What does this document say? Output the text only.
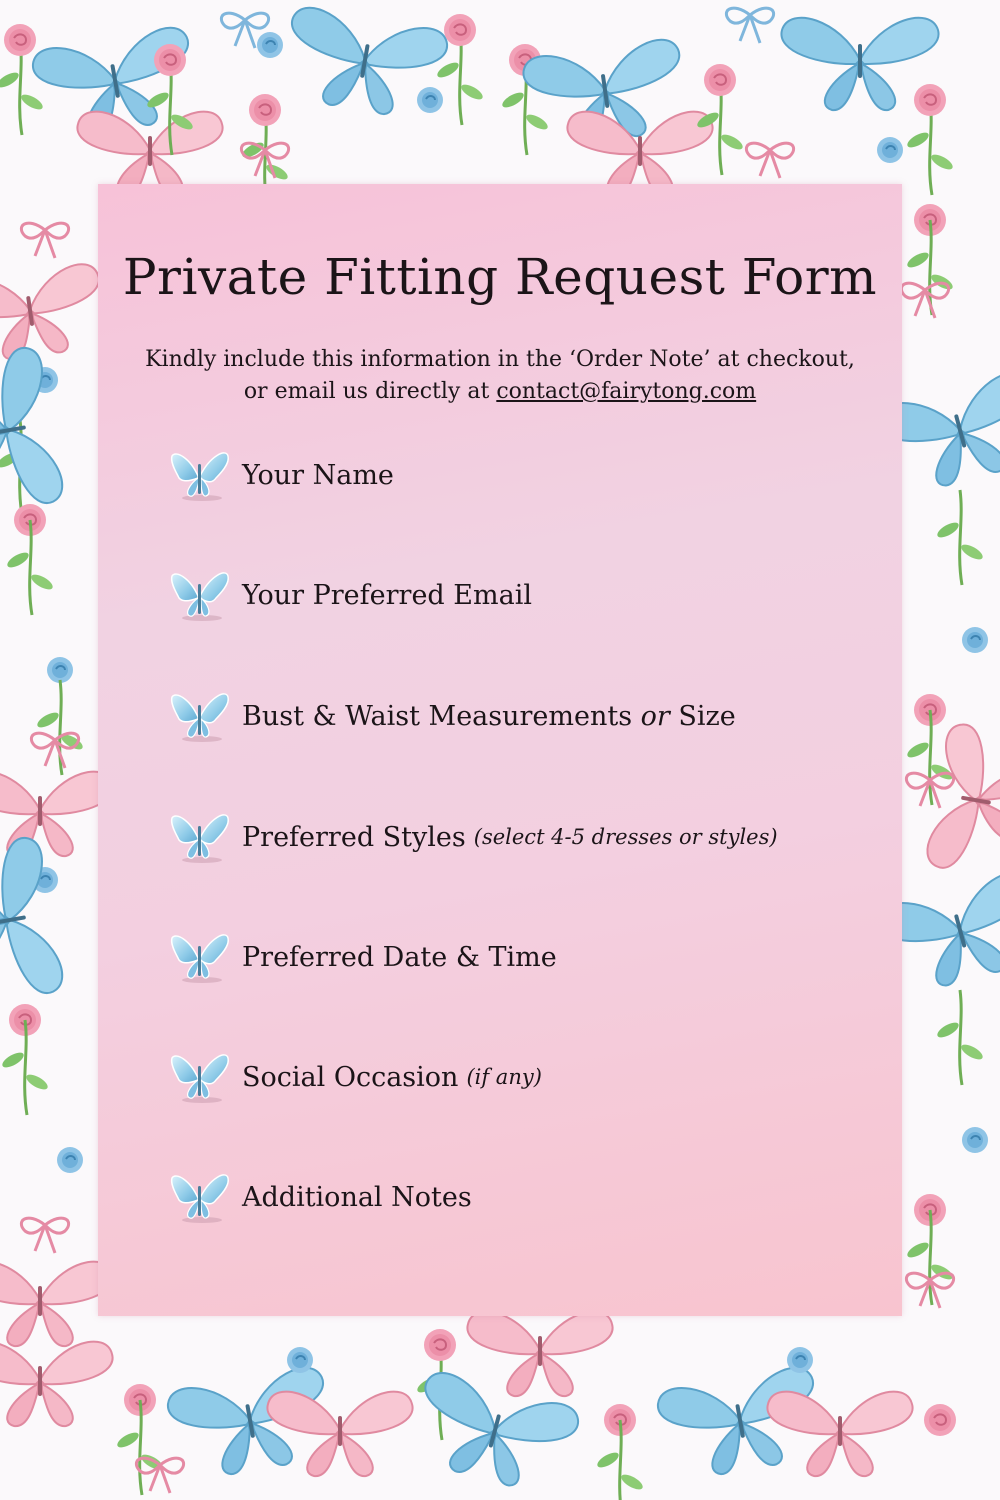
Private Fitting Request Form
Kindly include this information in the ‘Order Note’ at checkout, or email us directly at contact@fairytong.com
Your Name
Your Preferred Email
Bust & Waist Measurements or Size
Preferred Styles (select 4-5 dresses or styles)
Preferred Date & Time
Social Occasion (if any)
Additional Notes
